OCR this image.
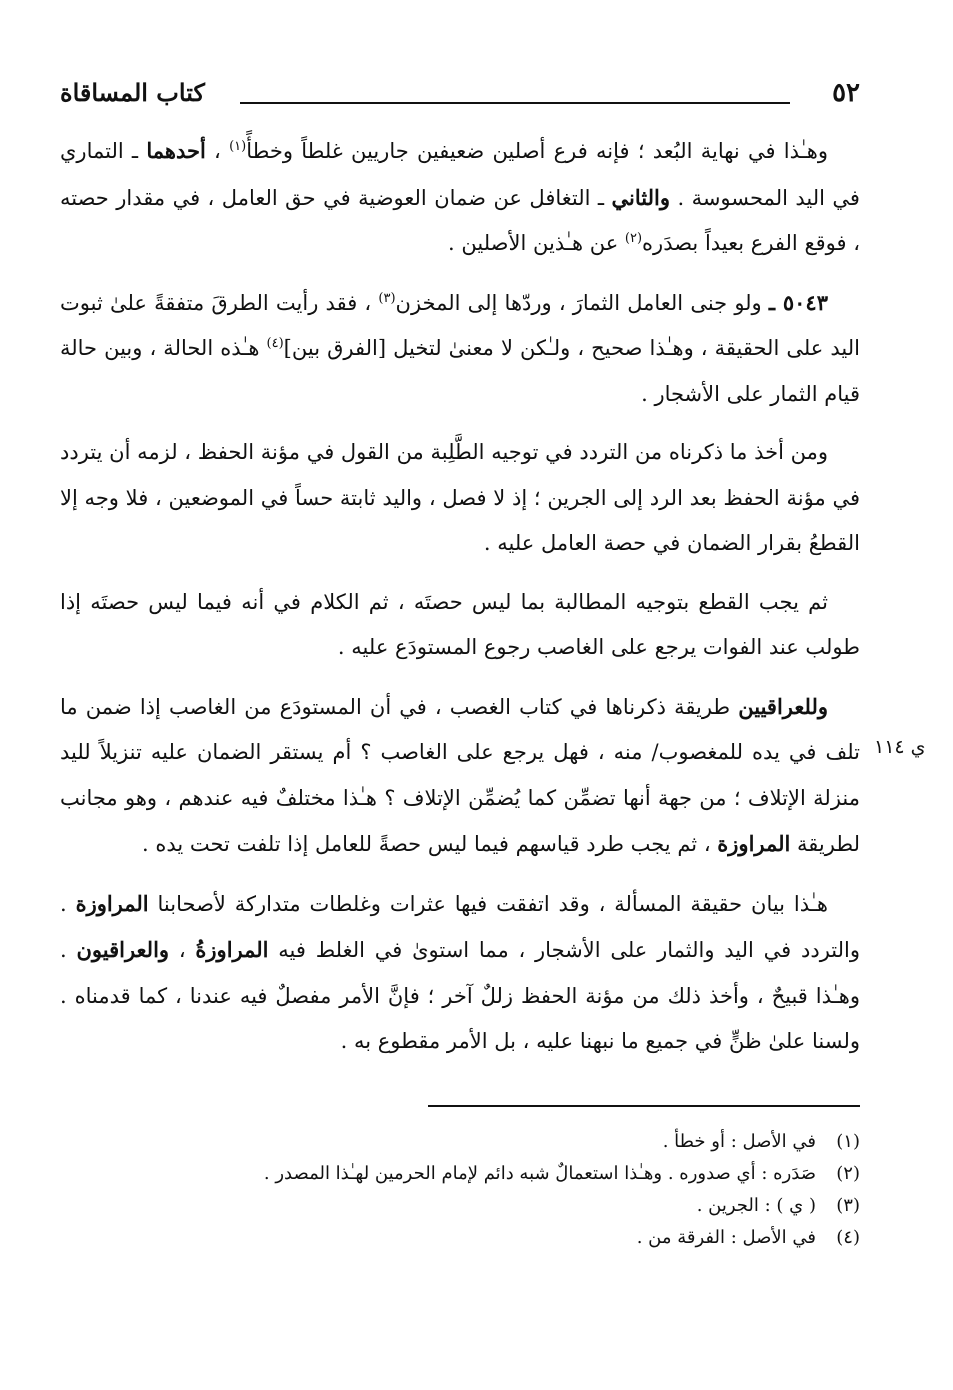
٥٢
كتاب المساقاة

وهـٰذا في نهاية البُعد ؛ فإنه فرع أصلين ضعيفين جاريين غلطاً وخطأً$^{(١)}$ ، أحدهما ـ التماري في اليد المحسوسة . والثاني ـ التغافل عن ضمان العوضية في حق العامل ، في مقدار حصته ، فوقع الفرع بعيداً بصدَره$^{(٢)}$ عن هـٰذين الأصلين .

٥٠٤٣ ـ ولو جنى العامل الثمارَ ، وردّها إلى المخزن$^{(٣)}$ ، فقد رأيت الطرقَ متفقةً علىٰ ثبوت اليد على الحقيقة ، وهـٰذا صحيح ، ولـٰكن لا معنىٰ لتخيل [الفرق بين]$^{(٤)}$ هـٰذه الحالة ، وبين حالة قيام الثمار على الأشجار .

ومن أخذ ما ذكرناه من التردد في توجيه الطَّلِبة من القول في مؤنة الحفظ ، لزمه أن يتردد في مؤنة الحفظ بعد الرد إلى الجرين ؛ إذ لا فصل ، واليد ثابتة حساً في الموضعين ، فلا وجه إلا القطعُ بقرار الضمان في حصة العامل عليه .

ثم يجب القطع بتوجيه المطالبة بما ليس حصتَه ، ثم الكلام في أنه فيما ليس حصتَه إذا طولب عند الفوات يرجع على الغاصب رجوع المستودَع عليه .

وللعراقيين طريقة ذكرناها في كتاب الغصب ، في أن المستودَع من الغاصب إذا ضمن ما تلف في يده للمغصوب/ منه ، فهل يرجع على الغاصب ؟ أم يستقر الضمان عليه تنزيلاً لليد منزلة الإتلاف ؛ من جهة أنها تضمِّن كما يُضمِّن الإتلاف ؟ هـٰذا مختلفٌ فيه عندهم ، وهو مجانب لطريقة المراوزة ، ثم يجب طرد قياسهم فيما ليس حصةً للعامل إذا تلفت تحت يده .

هـٰذا بيان حقيقة المسألة ، وقد اتفقت فيها عثرات وغلطات متداركة لأصحابنا المراوزة . والتردد في اليد والثمار على الأشجار ، مما استوىٰ في الغلط فيه المراوزةُ ، والعراقيون . وهـٰذا قبيحٌ ، وأخذ ذلك من مؤنة الحفظ زللٌ آخر ؛ فإنَّ الأمر مفصلٌ فيه عندنا ، كما قدمناه . ولسنا علىٰ ظنٍّ في جميع ما نبهنا عليه ، بل الأمر مقطوع به .

ي ١١٤
(١)
في الأصل : أو خطأ .
(٢)
صَدَره : أي صدوره . وهـٰذا استعمالٌ شبه دائم لإمام الحرمين لهـٰذا المصدر .
(٣)
( ي ) : الجرين .
(٤)
في الأصل : الفرقة من .
